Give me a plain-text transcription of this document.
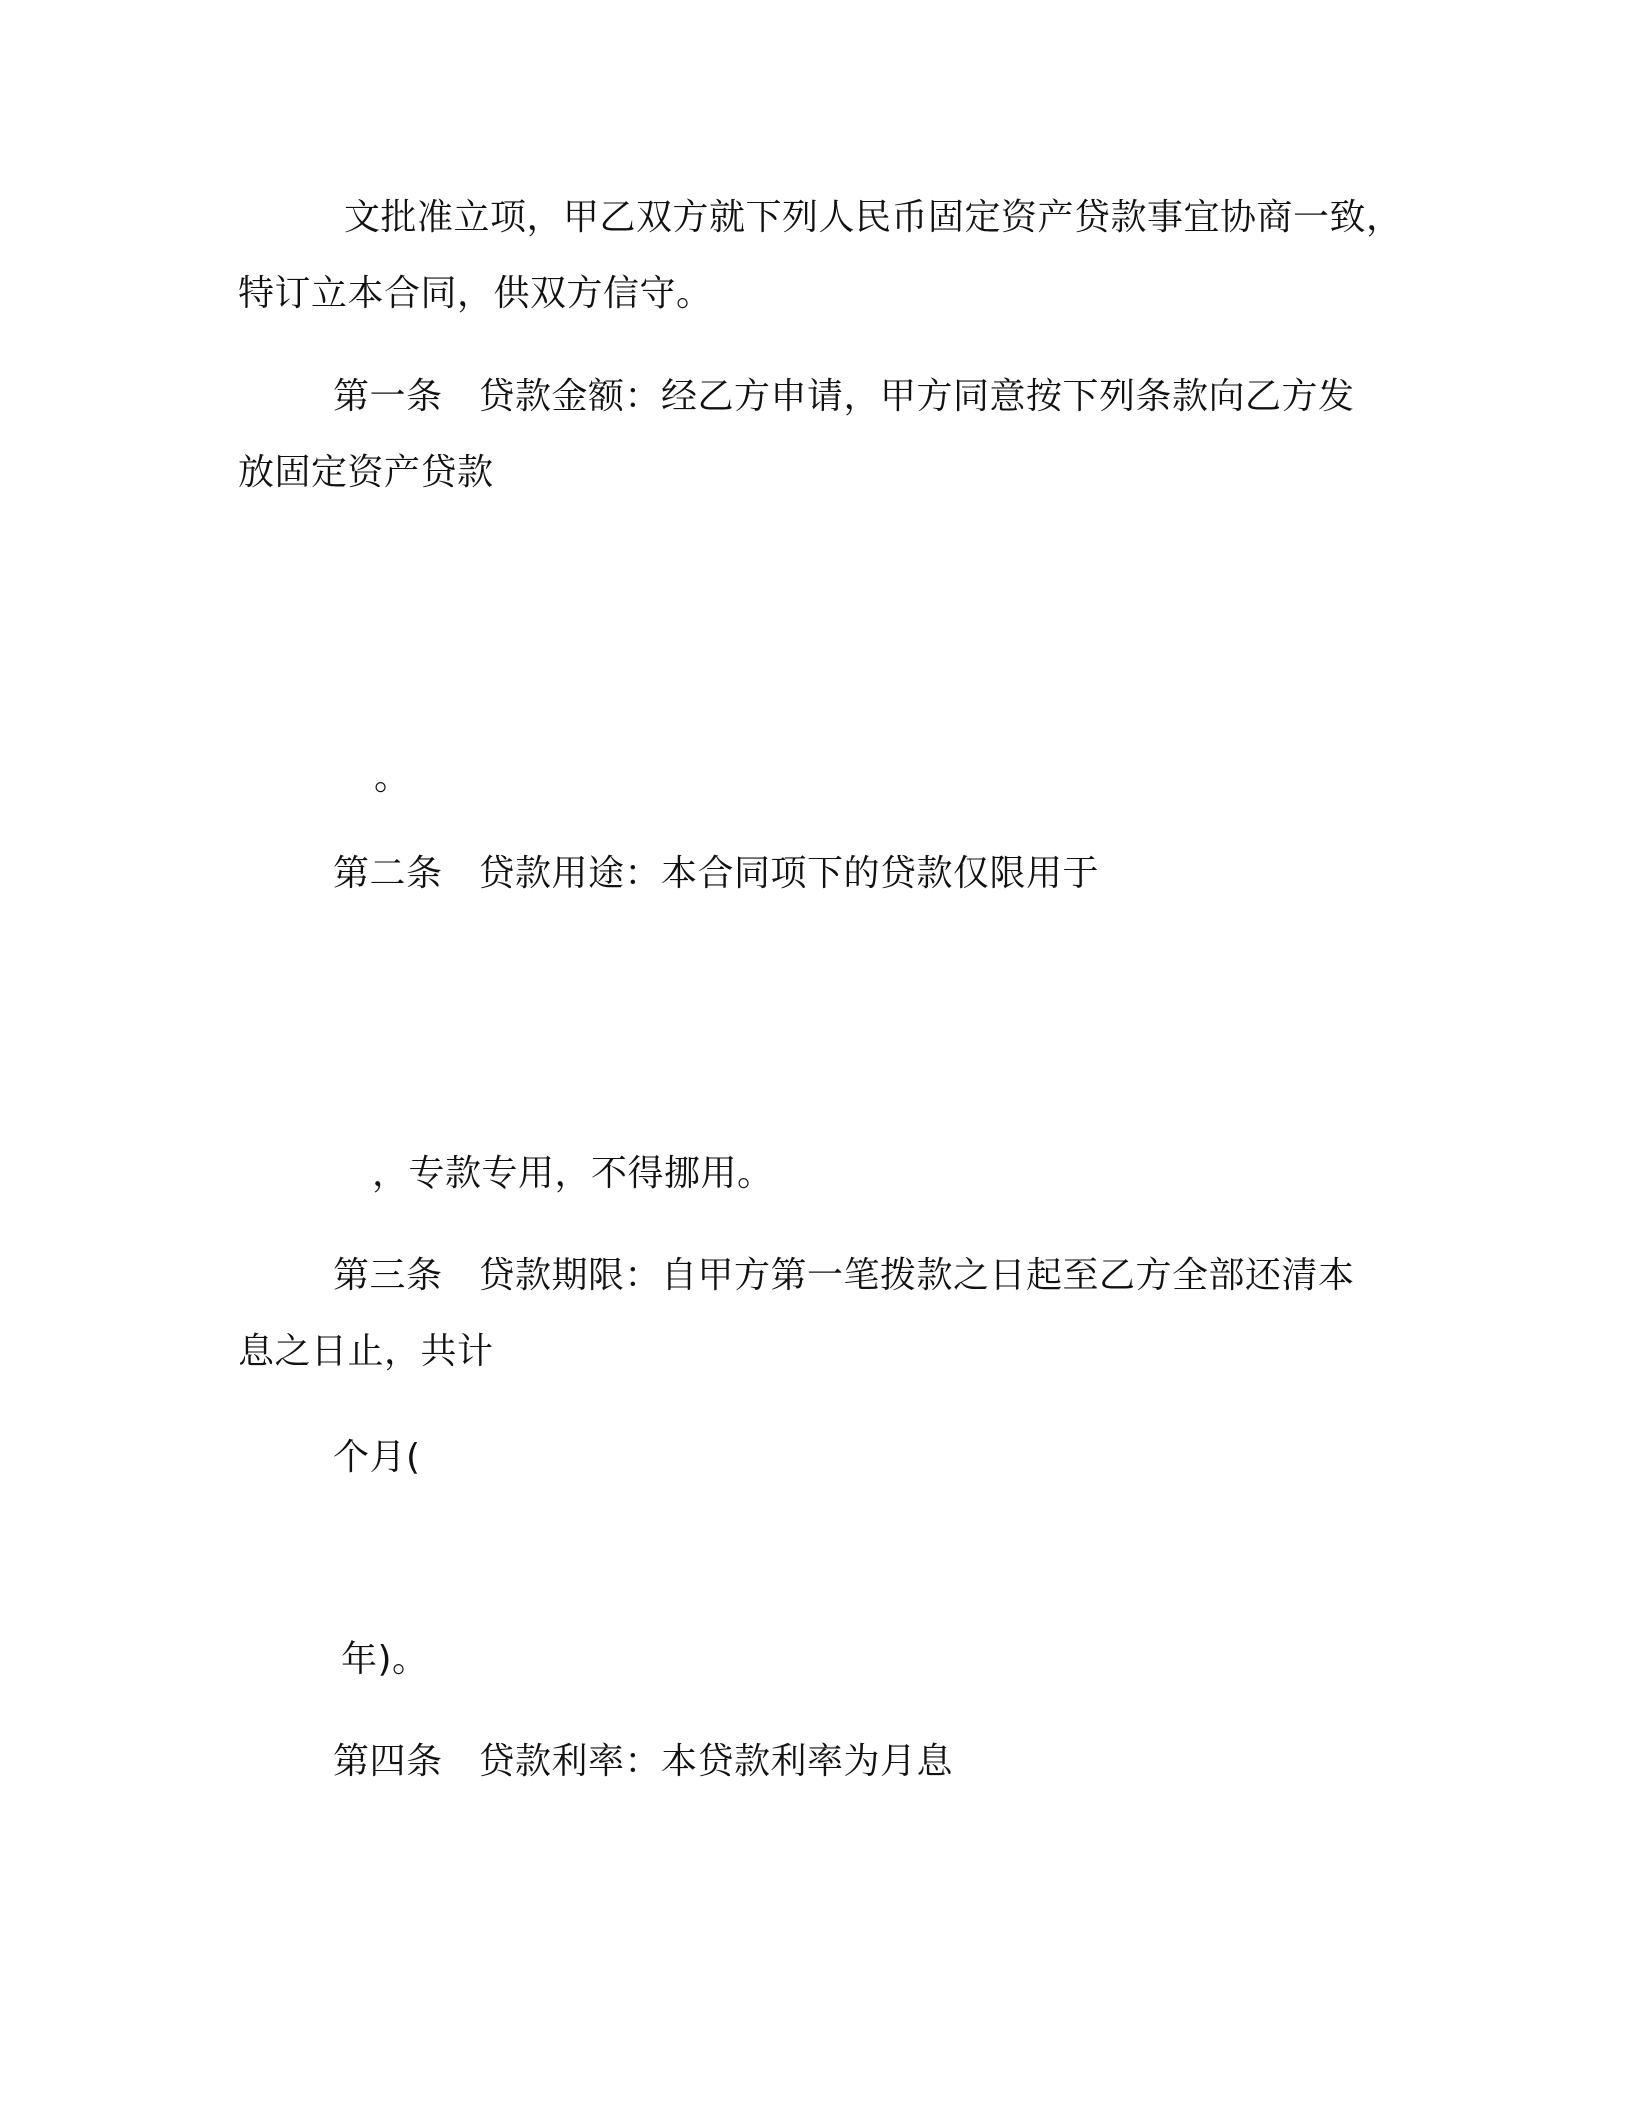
文批准立项，甲乙双方就下列人民币固定资产贷款事宜协商一致，
特订立本合同，供双方信守。
第一条 贷款金额：经乙方申请，甲方同意按下列条款向乙方发
放固定资产贷款
。
第二条 贷款用途：本合同项下的贷款仅限用于
，专款专用，不得挪用。
第三条 贷款期限：自甲方第一笔拨款之日起至乙方全部还清本
息之日止，共计
个月(
年)。
第四条 贷款利率：本贷款利率为月息
